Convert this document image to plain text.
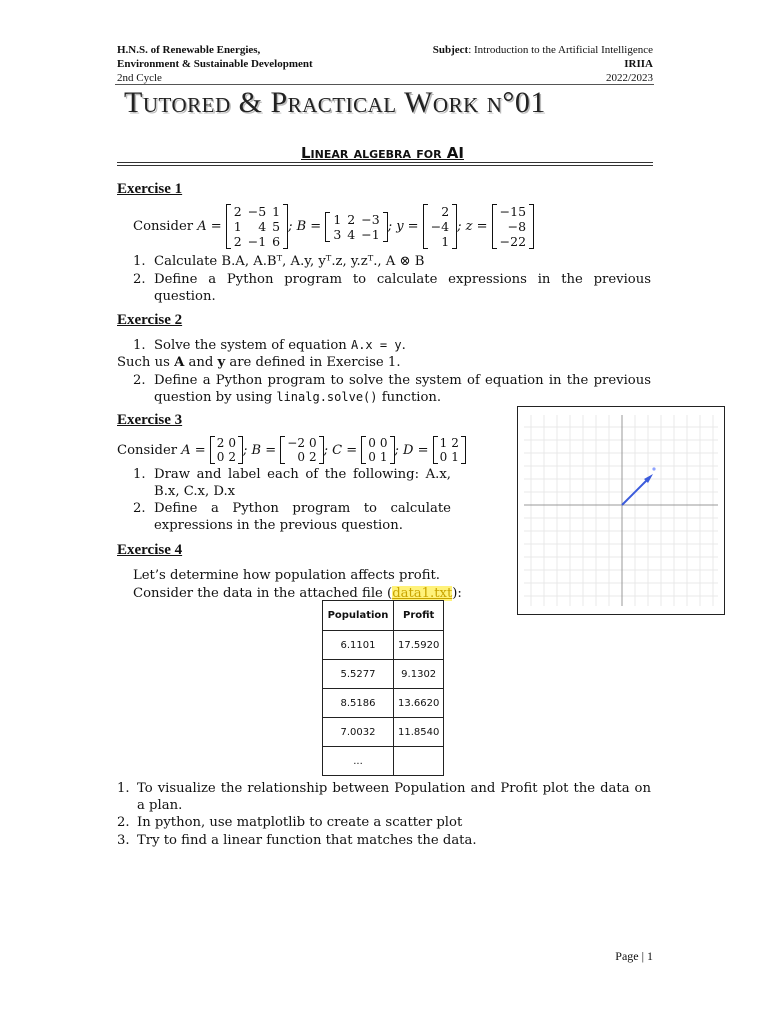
H.N.S. of Renewable Energies,
Environment & Sustainable Development
2nd Cycle
Subject: Introduction to the Artificial Intelligence
IRIIA
2022/2023
Tutored & Practical Work n°01
Linear algebra for AI
Exercise 1
Consider
A =
2	−5	1
1	4	5
2	−1	6
; B = 1	2	−3
3	4	−1 ; y =
2
−4
1
; z =
−15
−8
−22
1. Calculate B.A, A.Bᵀ, A.y, yᵀ.z, y.zᵀ., A ⊗ B
2. Define a Python program to calculate expressions in the previous question.
Exercise 2
1. Solve the system of equation A.x = y.
Such us A and y are defined in Exercise 1.
2. Define a Python program to solve the system of equation in the previous question by using linalg.solve() function.
Exercise 3
Consider
A = 2	0
0	2 ; B = −2	0
0	2 ; C = 0	0
0	1 ; D = 1	2
0	1
1. Draw and label each of the following: A.x, B.x, C.x, D.x
2. Define a Python program to calculate expressions in the previous question.
Exercise 4
Let’s determine how population affects profit.
Consider the data in the attached file (data1.txt):
Population	Profit
6.1101	17.5920
5.5277	9.1302
8.5186	13.6620
7.0032	11.8540
...	
1. To visualize the relationship between Population and Profit plot the data on a plan.
2. In python, use matplotlib to create a scatter plot
3. Try to find a linear function that matches the data.
Page | 1
